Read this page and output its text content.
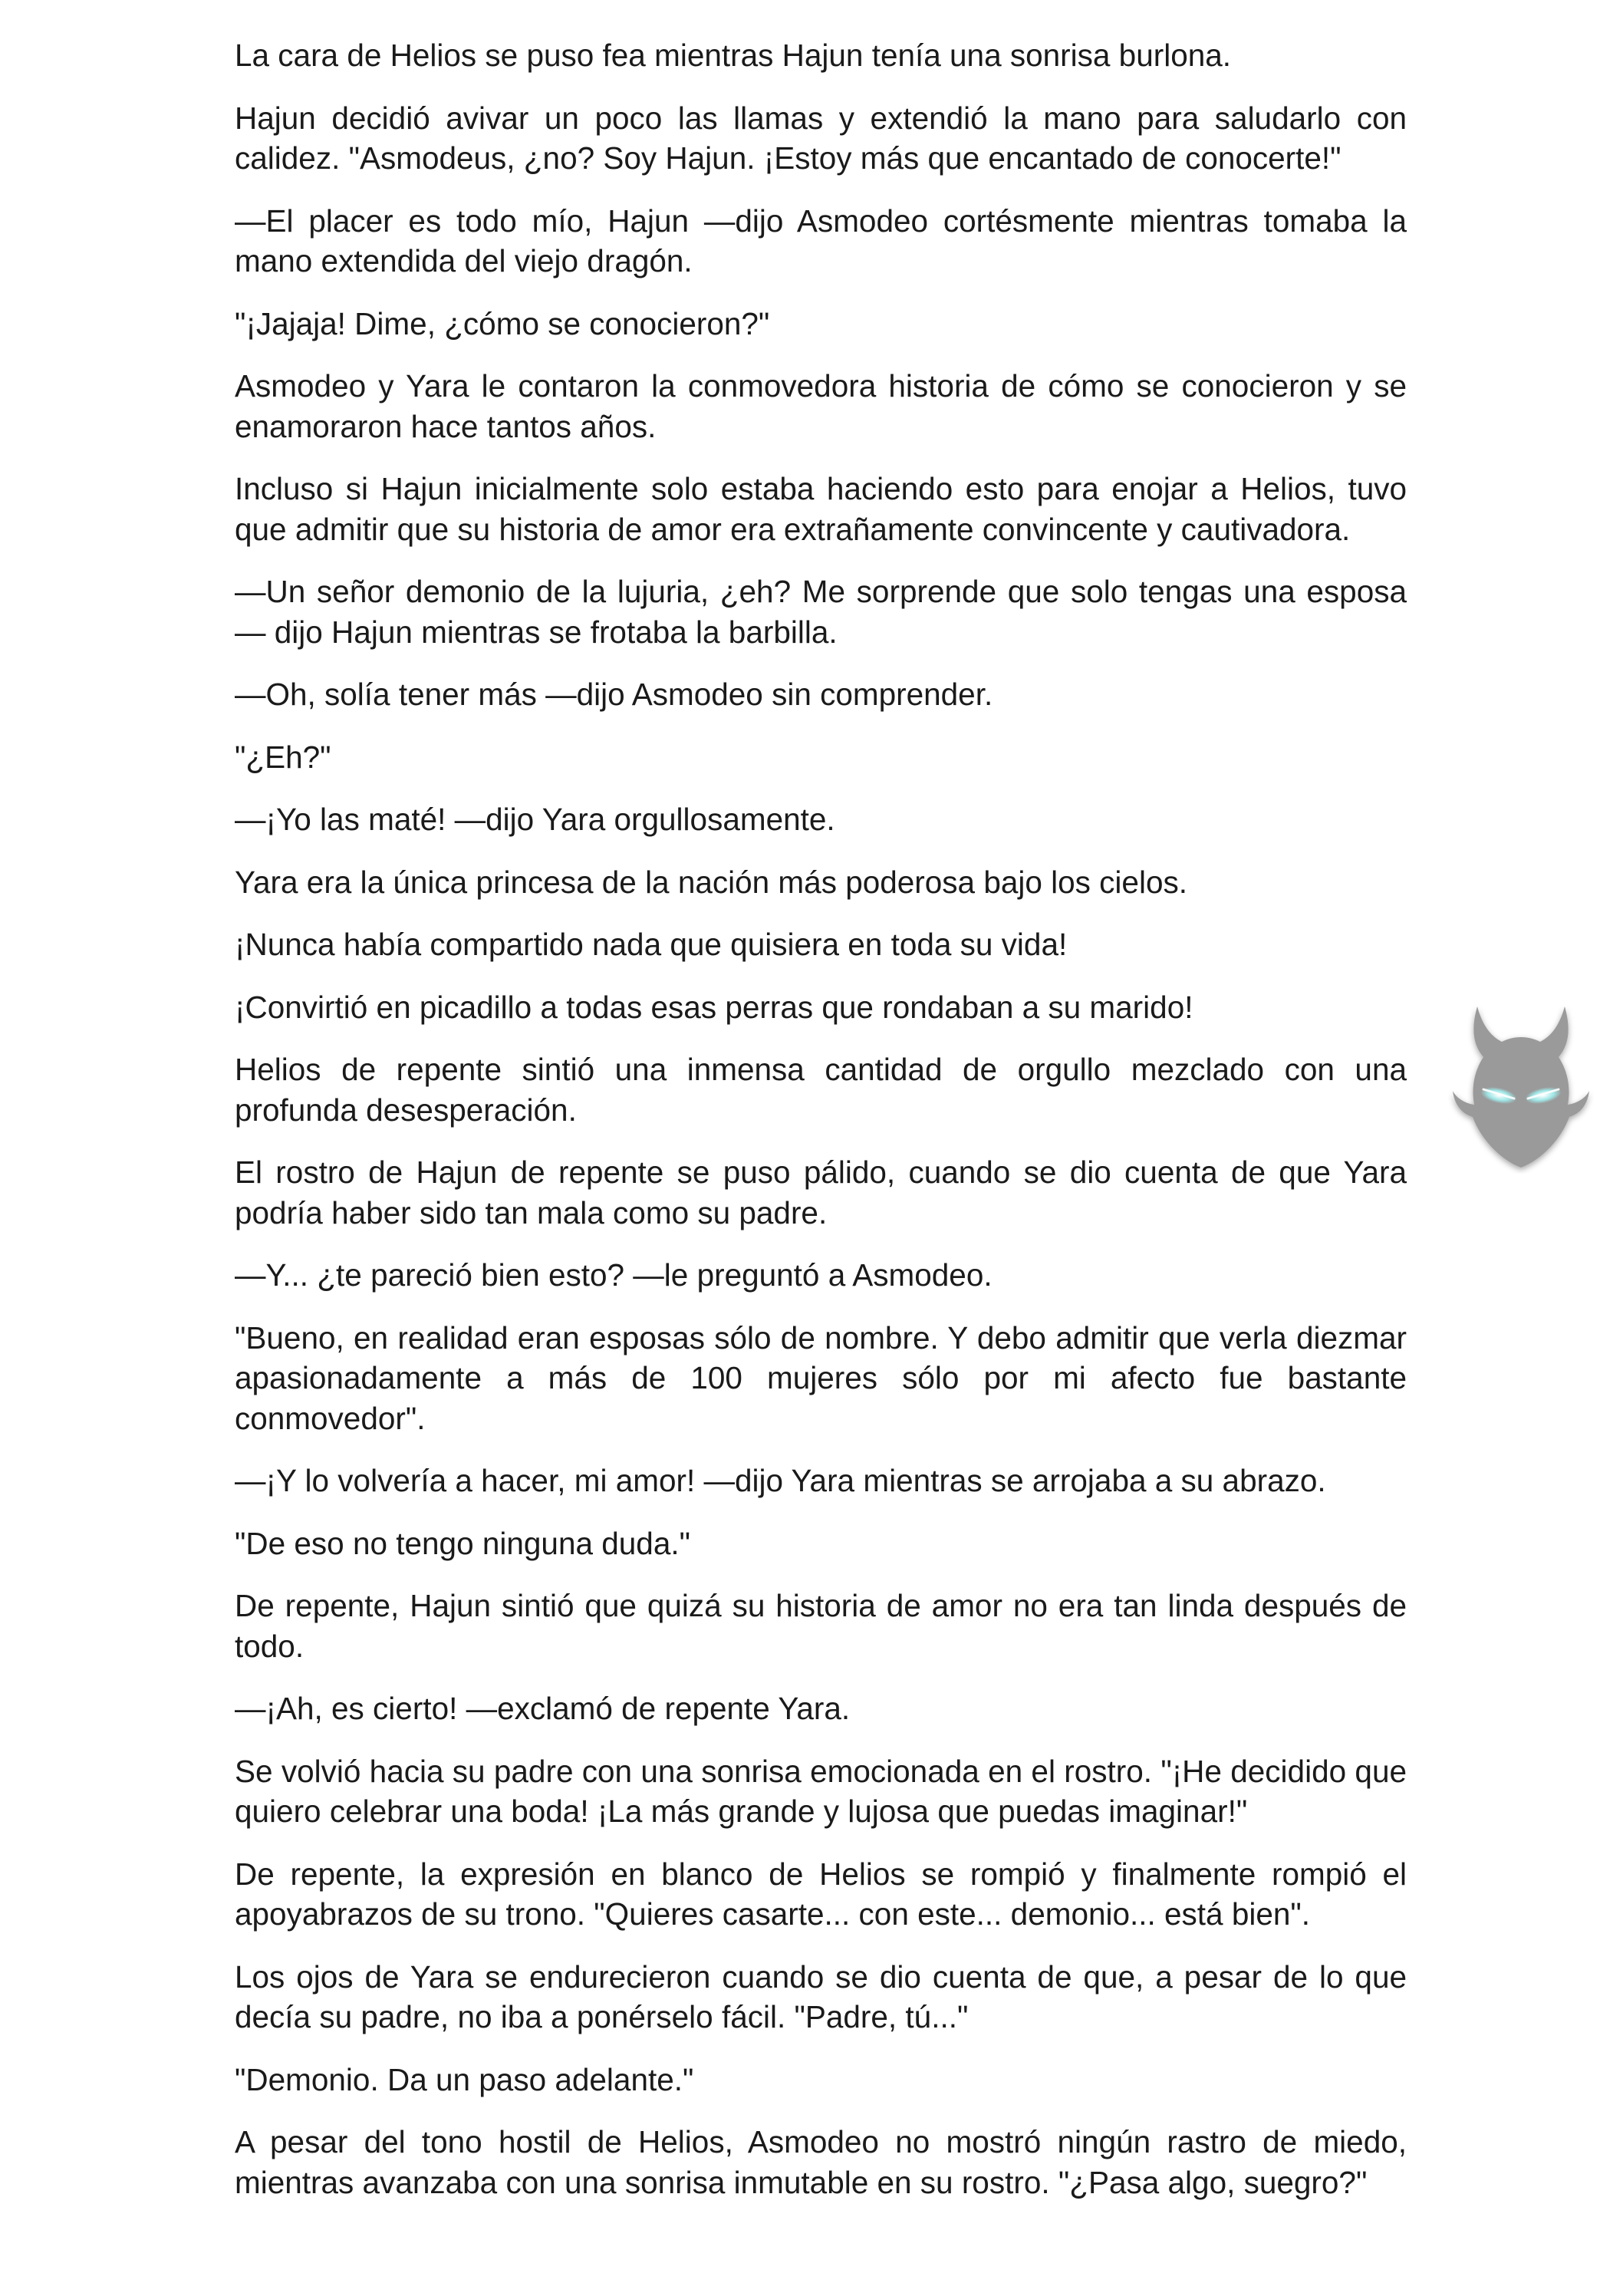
La cara de Helios se puso fea mientras Hajun tenía una sonrisa burlona.

Hajun decidió avivar un poco las llamas y extendió la mano para saludarlo con calidez. "Asmodeus, ¿no? Soy Hajun. ¡Estoy más que encantado de conocerte!"

—El placer es todo mío, Hajun —dijo Asmodeo cortésmente mientras tomaba la mano extendida del viejo dragón.

"¡Jajaja! Dime, ¿cómo se conocieron?"

Asmodeo y Yara le contaron la conmovedora historia de cómo se conocieron y se enamoraron hace tantos años.

Incluso si Hajun inicialmente solo estaba haciendo esto para enojar a Helios, tuvo que admitir que su historia de amor era extrañamente convincente y cautivadora.

—Un señor demonio de la lujuria, ¿eh? Me sorprende que solo tengas una esposa — dijo Hajun mientras se frotaba la barbilla.

—Oh, solía tener más —dijo Asmodeo sin comprender.

"¿Eh?"

—¡Yo las maté! —dijo Yara orgullosamente.

Yara era la única princesa de la nación más poderosa bajo los cielos.

¡Nunca había compartido nada que quisiera en toda su vida!

¡Convirtió en picadillo a todas esas perras que rondaban a su marido!

Helios de repente sintió una inmensa cantidad de orgullo mezclado con una profunda desesperación.

El rostro de Hajun de repente se puso pálido, cuando se dio cuenta de que Yara podría haber sido tan mala como su padre.

—Y... ¿te pareció bien esto? —le preguntó a Asmodeo.

"Bueno, en realidad eran esposas sólo de nombre. Y debo admitir que verla diezmar apasionadamente a más de 100 mujeres sólo por mi afecto fue bastante conmovedor".

—¡Y lo volvería a hacer, mi amor! —dijo Yara mientras se arrojaba a su abrazo.

"De eso no tengo ninguna duda."

De repente, Hajun sintió que quizá su historia de amor no era tan linda después de todo.

—¡Ah, es cierto! —exclamó de repente Yara.

Se volvió hacia su padre con una sonrisa emocionada en el rostro. "¡He decidido que quiero celebrar una boda! ¡La más grande y lujosa que puedas imaginar!"

De repente, la expresión en blanco de Helios se rompió y finalmente rompió el apoyabrazos de su trono. "Quieres casarte... con este... demonio... está bien".

Los ojos de Yara se endurecieron cuando se dio cuenta de que, a pesar de lo que decía su padre, no iba a ponérselo fácil. "Padre, tú..."

"Demonio. Da un paso adelante."

A pesar del tono hostil de Helios, Asmodeo no mostró ningún rastro de miedo, mientras avanzaba con una sonrisa inmutable en su rostro. "¿Pasa algo, suegro?"
